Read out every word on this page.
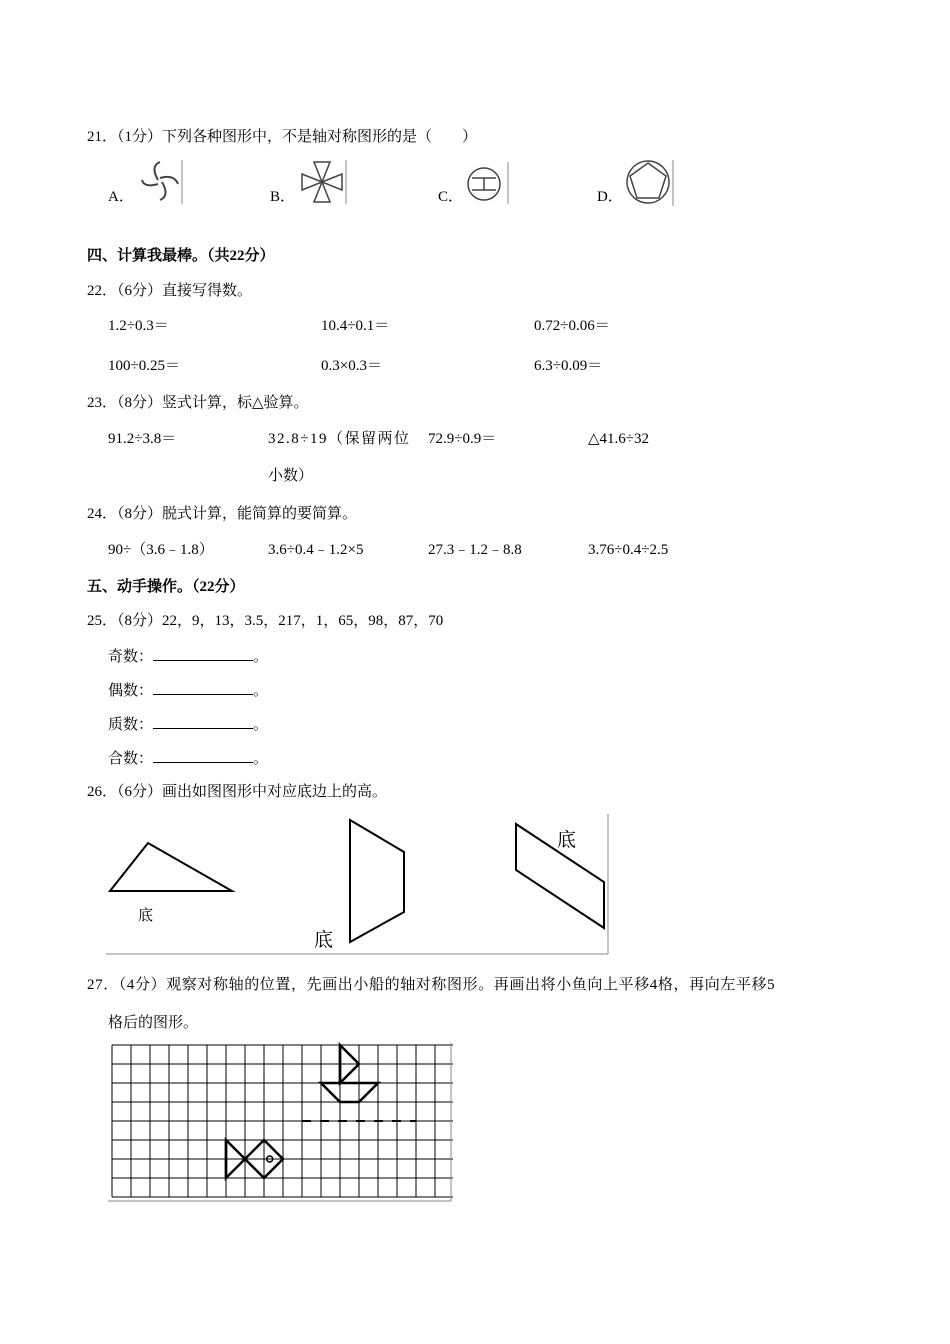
21．（1分）下列各种图形中，不是轴对称图形的是（　　）
A．	B．	C．	D．
四、计算我最棒。（共22分）
22．（6分）直接写得数。
1.2÷0.3＝	10.4÷0.1＝	0.72÷0.06＝
100÷0.25＝	0.3×0.3＝	6.3÷0.09＝
23．（8分）竖式计算，标△验算。
91.2÷3.8＝	32.8÷19（保留两位 72.9÷0.9＝	△41.6÷32
小数）
24．（8分）脱式计算，能简算的要简算。
90÷（3.6﹣1.8）	3.6÷0.4﹣1.2×5	27.3﹣1.2﹣8.8	3.76÷0.4÷2.5
五、动手操作。（22分）
25．（8分）22，9，13，3.5，217，1，65，98，87，70
奇数：	。
偶数：	。
质数：	。
合数：	。
26．（6分）画出如图图形中对应底边上的高。
底
底
底
27．（4分）观察对称轴的位置，先画出小船的轴对称图形。再画出将小鱼向上平移4格，再向左平移5
格后的图形。
